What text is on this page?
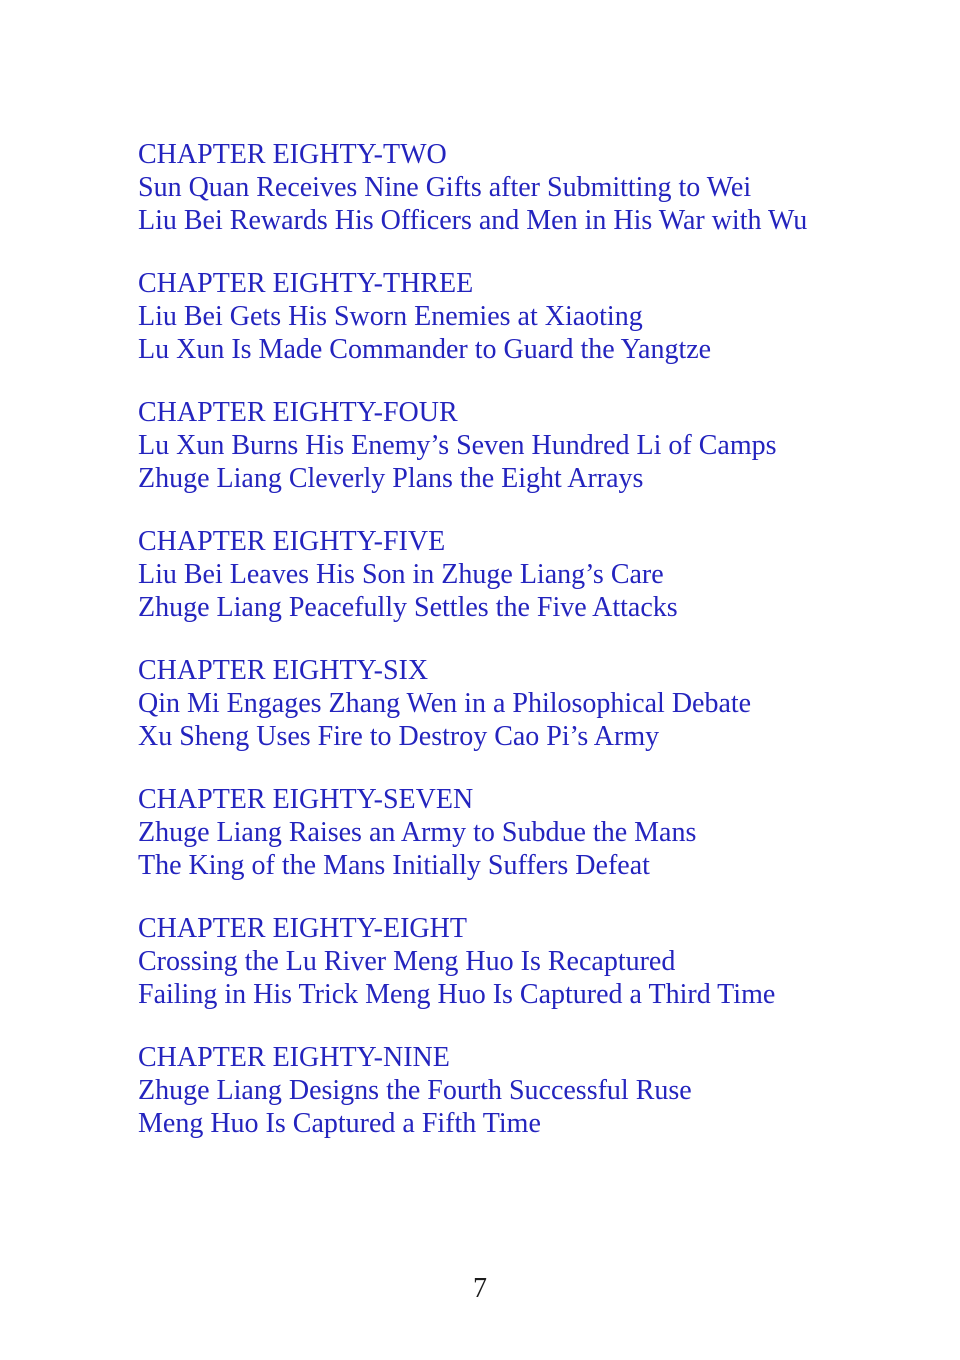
CHAPTER EIGHTY-TWO
Sun Quan Receives Nine Gifts after Submitting to Wei
Liu Bei Rewards His Officers and Men in His War with Wu
CHAPTER EIGHTY-THREE
Liu Bei Gets His Sworn Enemies at Xiaoting
Lu Xun Is Made Commander to Guard the Yangtze
CHAPTER EIGHTY-FOUR
Lu Xun Burns His Enemy’s Seven Hundred Li of Camps
Zhuge Liang Cleverly Plans the Eight Arrays
CHAPTER EIGHTY-FIVE
Liu Bei Leaves His Son in Zhuge Liang’s Care
Zhuge Liang Peacefully Settles the Five Attacks
CHAPTER EIGHTY-SIX
Qin Mi Engages Zhang Wen in a Philosophical Debate
Xu Sheng Uses Fire to Destroy Cao Pi’s Army
CHAPTER EIGHTY-SEVEN
Zhuge Liang Raises an Army to Subdue the Mans
The King of the Mans Initially Suffers Defeat
CHAPTER EIGHTY-EIGHT
Crossing the Lu River Meng Huo Is Recaptured
Failing in His Trick Meng Huo Is Captured a Third Time
CHAPTER EIGHTY-NINE
Zhuge Liang Designs the Fourth Successful Ruse
Meng Huo Is Captured a Fifth Time
7
